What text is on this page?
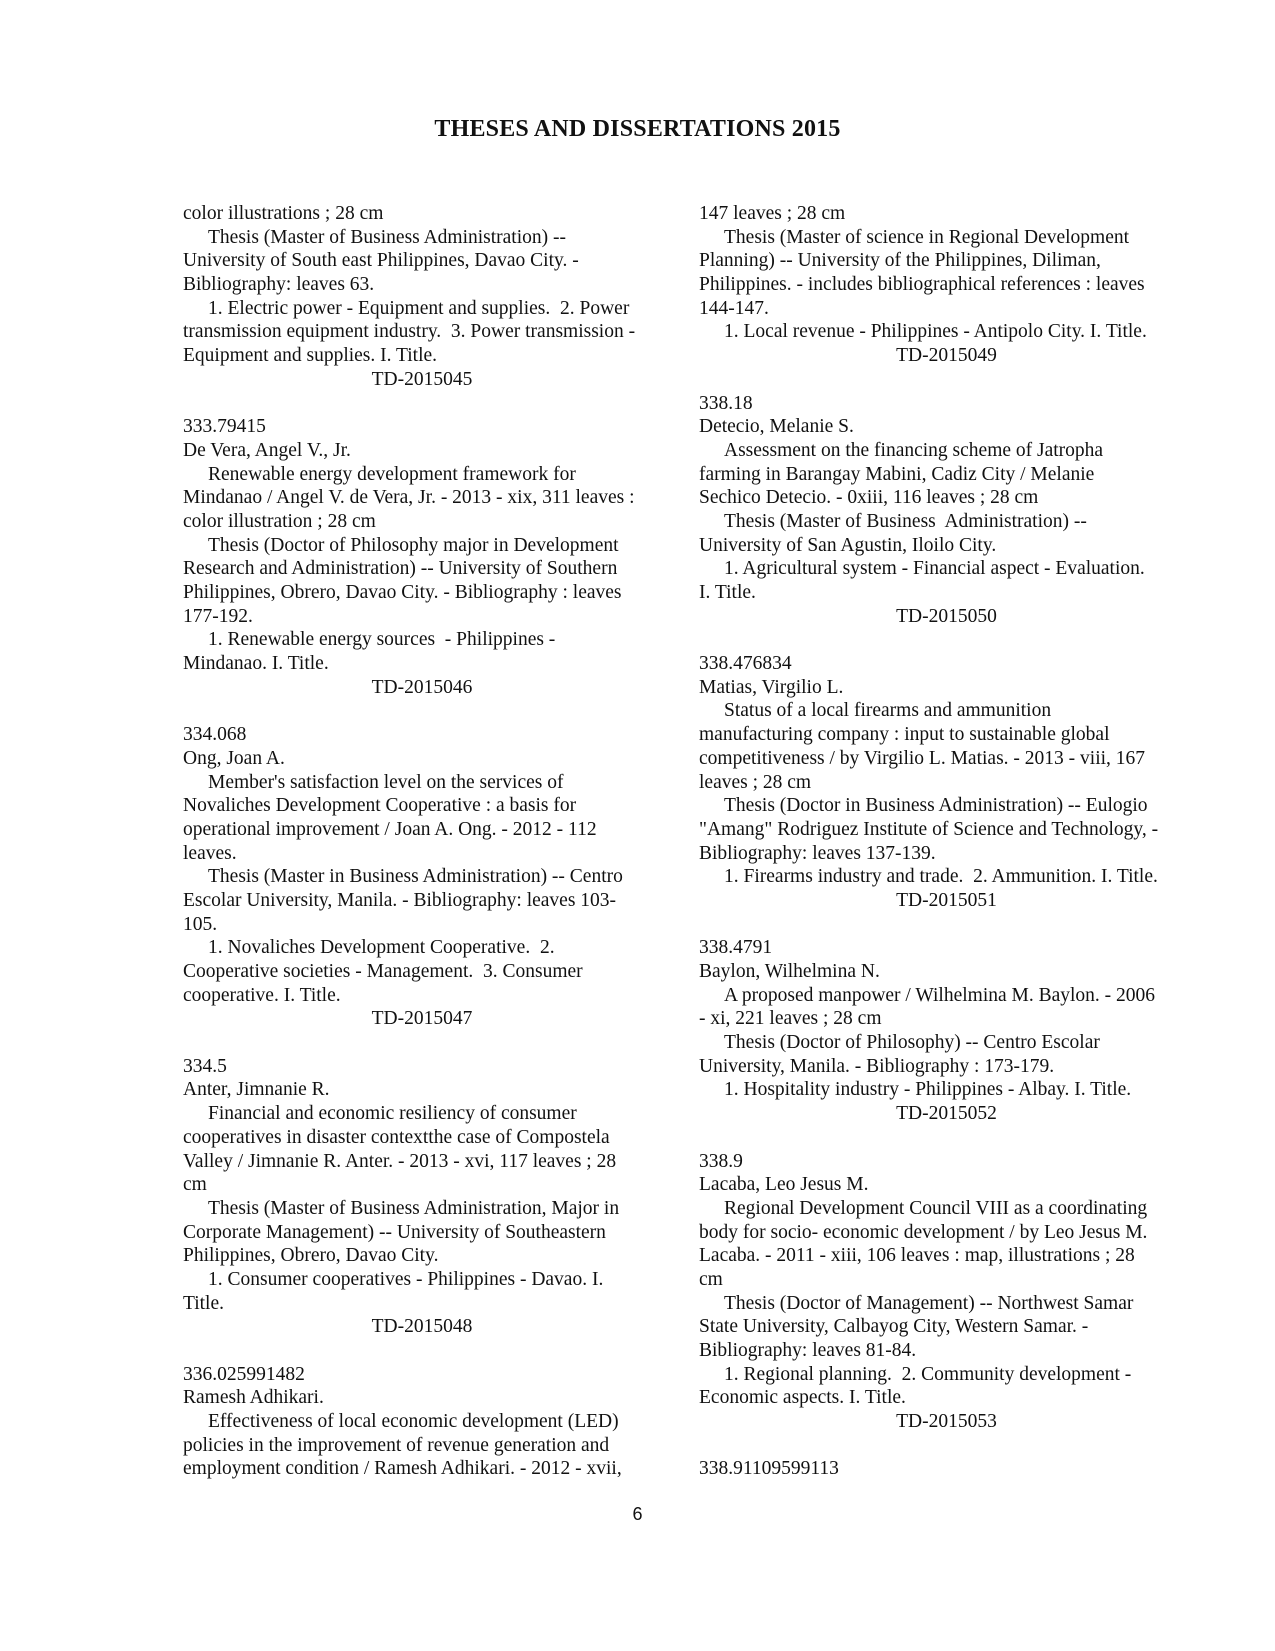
THESES AND DISSERTATIONS 2015
color illustrations ; 28 cm
Thesis (Master of Business Administration) --
University of South east Philippines, Davao City. -
Bibliography: leaves 63.
1. Electric power - Equipment and supplies.  2. Power
transmission equipment industry.  3. Power transmission -
Equipment and supplies. I. Title.
TD-2015045
333.79415
De Vera, Angel V., Jr.
Renewable energy development framework for
Mindanao / Angel V. de Vera, Jr. - 2013 - xix, 311 leaves :
color illustration ; 28 cm
Thesis (Doctor of Philosophy major in Development
Research and Administration) -- University of Southern
Philippines, Obrero, Davao City. - Bibliography : leaves
177-192.
1. Renewable energy sources  - Philippines -
Mindanao. I. Title.
TD-2015046
334.068
Ong, Joan A.
Member's satisfaction level on the services of
Novaliches Development Cooperative : a basis for
operational improvement / Joan A. Ong. - 2012 - 112
leaves.
Thesis (Master in Business Administration) -- Centro
Escolar University, Manila. - Bibliography: leaves 103-
105.
1. Novaliches Development Cooperative.  2.
Cooperative societies - Management.  3. Consumer
cooperative. I. Title.
TD-2015047
334.5
Anter, Jimnanie R.
Financial and economic resiliency of consumer
cooperatives in disaster contextthe case of Compostela
Valley / Jimnanie R. Anter. - 2013 - xvi, 117 leaves ; 28
cm
Thesis (Master of Business Administration, Major in
Corporate Management) -- University of Southeastern
Philippines, Obrero, Davao City.
1. Consumer cooperatives - Philippines - Davao. I.
Title.
TD-2015048
336.025991482
Ramesh Adhikari.
Effectiveness of local economic development (LED)
policies in the improvement of revenue generation and
employment condition / Ramesh Adhikari. - 2012 - xvii,
147 leaves ; 28 cm
Thesis (Master of science in Regional Development
Planning) -- University of the Philippines, Diliman,
Philippines. - includes bibliographical references : leaves
144-147.
1. Local revenue - Philippines - Antipolo City. I. Title.
TD-2015049
338.18
Detecio, Melanie S.
Assessment on the financing scheme of Jatropha
farming in Barangay Mabini, Cadiz City / Melanie
Sechico Detecio. - 0xiii, 116 leaves ; 28 cm
Thesis (Master of Business  Administration) --
University of San Agustin, Iloilo City.
1. Agricultural system - Financial aspect - Evaluation.
I. Title.
TD-2015050
338.476834
Matias, Virgilio L.
Status of a local firearms and ammunition
manufacturing company : input to sustainable global
competitiveness / by Virgilio L. Matias. - 2013 - viii, 167
leaves ; 28 cm
Thesis (Doctor in Business Administration) -- Eulogio
"Amang" Rodriguez Institute of Science and Technology, -
Bibliography: leaves 137-139.
1. Firearms industry and trade.  2. Ammunition. I. Title.
TD-2015051
338.4791
Baylon, Wilhelmina N.
A proposed manpower / Wilhelmina M. Baylon. - 2006
- xi, 221 leaves ; 28 cm
Thesis (Doctor of Philosophy) -- Centro Escolar
University, Manila. - Bibliography : 173-179.
1. Hospitality industry - Philippines - Albay. I. Title.
TD-2015052
338.9
Lacaba, Leo Jesus M.
Regional Development Council VIII as a coordinating
body for socio- economic development / by Leo Jesus M.
Lacaba. - 2011 - xiii, 106 leaves : map, illustrations ; 28
cm
Thesis (Doctor of Management) -- Northwest Samar
State University, Calbayog City, Western Samar. -
Bibliography: leaves 81-84.
1. Regional planning.  2. Community development -
Economic aspects. I. Title.
TD-2015053
338.91109599113
6
